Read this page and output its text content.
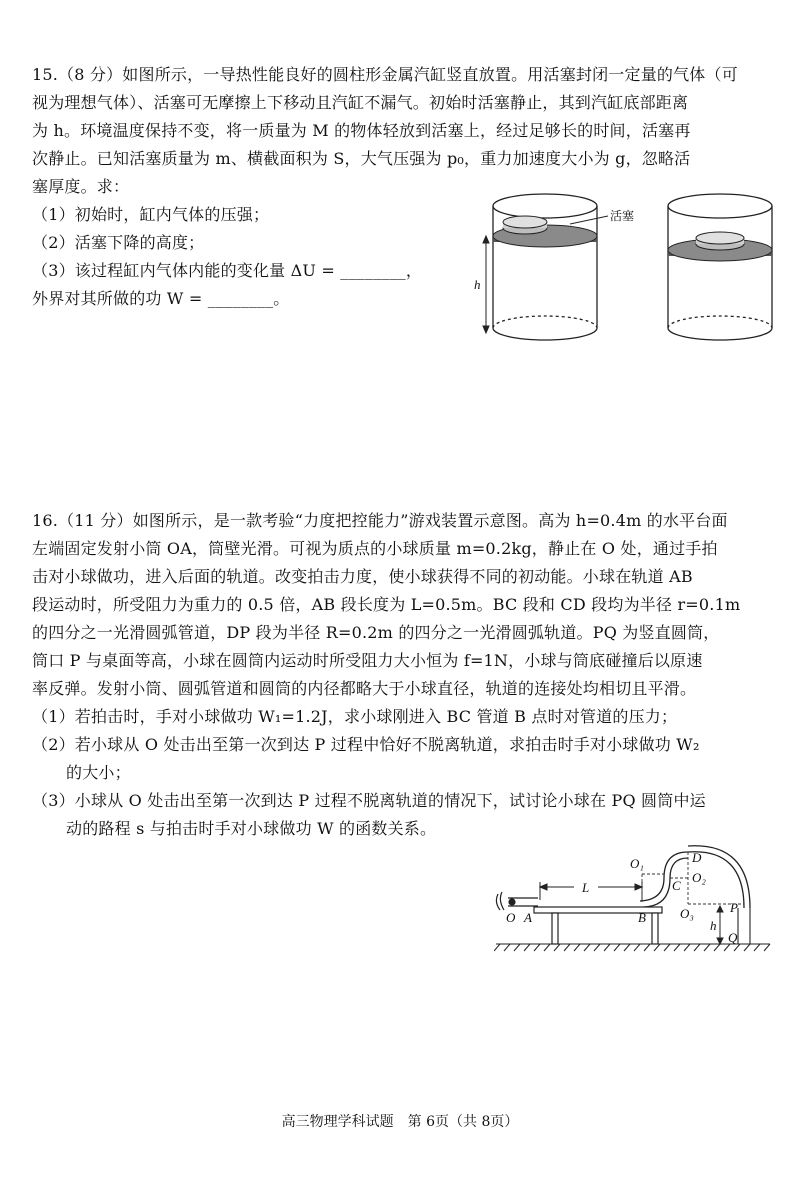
15.（8 分）如图所示，一导热性能良好的圆柱形金属汽缸竖直放置。用活塞封闭一定量的气体（可
视为理想气体）、活塞可无摩擦上下移动且汽缸不漏气。初始时活塞静止，其到汽缸底部距离
为 h。环境温度保持不变，将一质量为 M 的物体轻放到活塞上，经过足够长的时间，活塞再
次静止。已知活塞质量为 m、横截面积为 S，大气压强为 p₀，重力加速度大小为 g，忽略活
塞厚度。求：
（1）初始时，缸内气体的压强；
（2）活塞下降的高度；
（3）该过程缸内气体内能的变化量 ΔU = ________，
外界对其所做的功 W = ________。
活塞
h
16.（11 分）如图所示，是一款考验“力度把控能力”游戏装置示意图。高为 h=0.4m 的水平台面
左端固定发射小筒 OA，筒壁光滑。可视为质点的小球质量 m=0.2kg，静止在 O 处，通过手拍
击对小球做功，进入后面的轨道。改变拍击力度，使小球获得不同的初动能。小球在轨道 AB
段运动时，所受阻力为重力的 0.5 倍，AB 段长度为 L=0.5m。BC 段和 CD 段均为半径 r=0.1m
的四分之一光滑圆弧管道，DP 段为半径 R=0.2m 的四分之一光滑圆弧轨道。PQ 为竖直圆筒，
筒口 P 与桌面等高，小球在圆筒内运动时所受阻力大小恒为 f=1N，小球与筒底碰撞后以原速
率反弹。发射小筒、圆弧管道和圆筒的内径都略大于小球直径，轨道的连接处均相切且平滑。
（1）若拍击时，手对小球做功 W₁=1.2J，求小球刚进入 BC 管道 B 点时对管道的压力；
（2）若小球从 O 处击出至第一次到达 P 过程中恰好不脱离轨道，求拍击时手对小球做功 W₂
的大小；
（3）小球从 O 处击出至第一次到达 P 过程不脱离轨道的情况下，试讨论小球在 PQ 圆筒中运
动的路程 s 与拍击时手对小球做功 W 的函数关系。
O A
L
B
C
D
O₁
O₂
O₃	P
Q
h
高三物理学科试题　第 6页（共 8页）
